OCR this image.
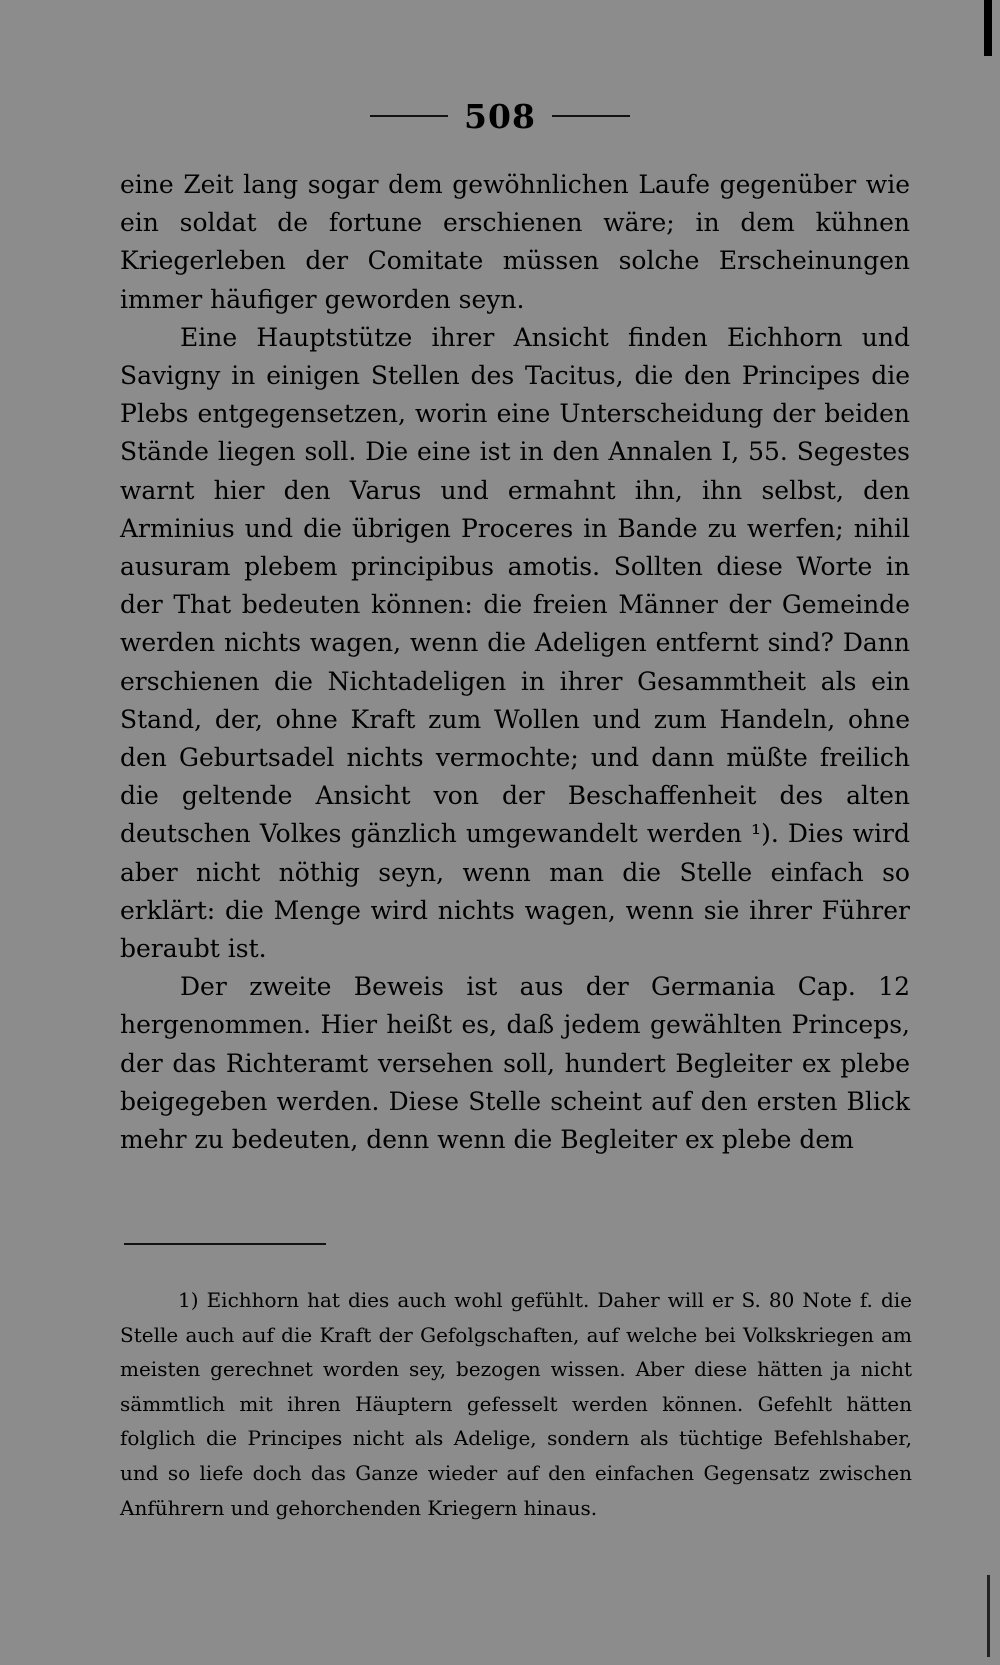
508

eine Zeit lang sogar dem gewöhnlichen Laufe gegenüber wie ein soldat de fortune erschienen wäre; in dem kühnen Kriegerleben der Comitate müssen solche Erscheinungen immer häufiger geworden seyn.

Eine Hauptstütze ihrer Ansicht finden Eichhorn und Savigny in einigen Stellen des Tacitus, die den Principes die Plebs entgegensetzen, worin eine Unterscheidung der beiden Stände liegen soll. Die eine ist in den Annalen I, 55. Segestes warnt hier den Varus und ermahnt ihn, ihn selbst, den Arminius und die übrigen Proceres in Bande zu werfen; nihil ausuram plebem principibus amotis. Sollten diese Worte in der That bedeuten können: die freien Männer der Gemeinde werden nichts wagen, wenn die Adeligen entfernt sind? Dann erschienen die Nichtadeligen in ihrer Gesammtheit als ein Stand, der, ohne Kraft zum Wollen und zum Handeln, ohne den Geburtsadel nichts vermochte; und dann müßte freilich die geltende Ansicht von der Beschaffenheit des alten deutschen Volkes gänzlich umgewandelt werden ¹). Dies wird aber nicht nöthig seyn, wenn man die Stelle einfach so erklärt: die Menge wird nichts wagen, wenn sie ihrer Führer beraubt ist.

Der zweite Beweis ist aus der Germania Cap. 12 hergenommen. Hier heißt es, daß jedem gewählten Princeps, der das Richteramt versehen soll, hundert Begleiter ex plebe beigegeben werden. Diese Stelle scheint auf den ersten Blick mehr zu bedeuten, denn wenn die Begleiter ex plebe dem

1) Eichhorn hat dies auch wohl gefühlt. Daher will er S. 80 Note f. die Stelle auch auf die Kraft der Gefolgschaften, auf welche bei Volkskriegen am meisten gerechnet worden sey, bezogen wissen. Aber diese hätten ja nicht sämmtlich mit ihren Häuptern gefesselt werden können. Gefehlt hätten folglich die Principes nicht als Adelige, sondern als tüchtige Befehlshaber, und so liefe doch das Ganze wieder auf den einfachen Gegensatz zwischen Anführern und gehorchenden Kriegern hinaus.
